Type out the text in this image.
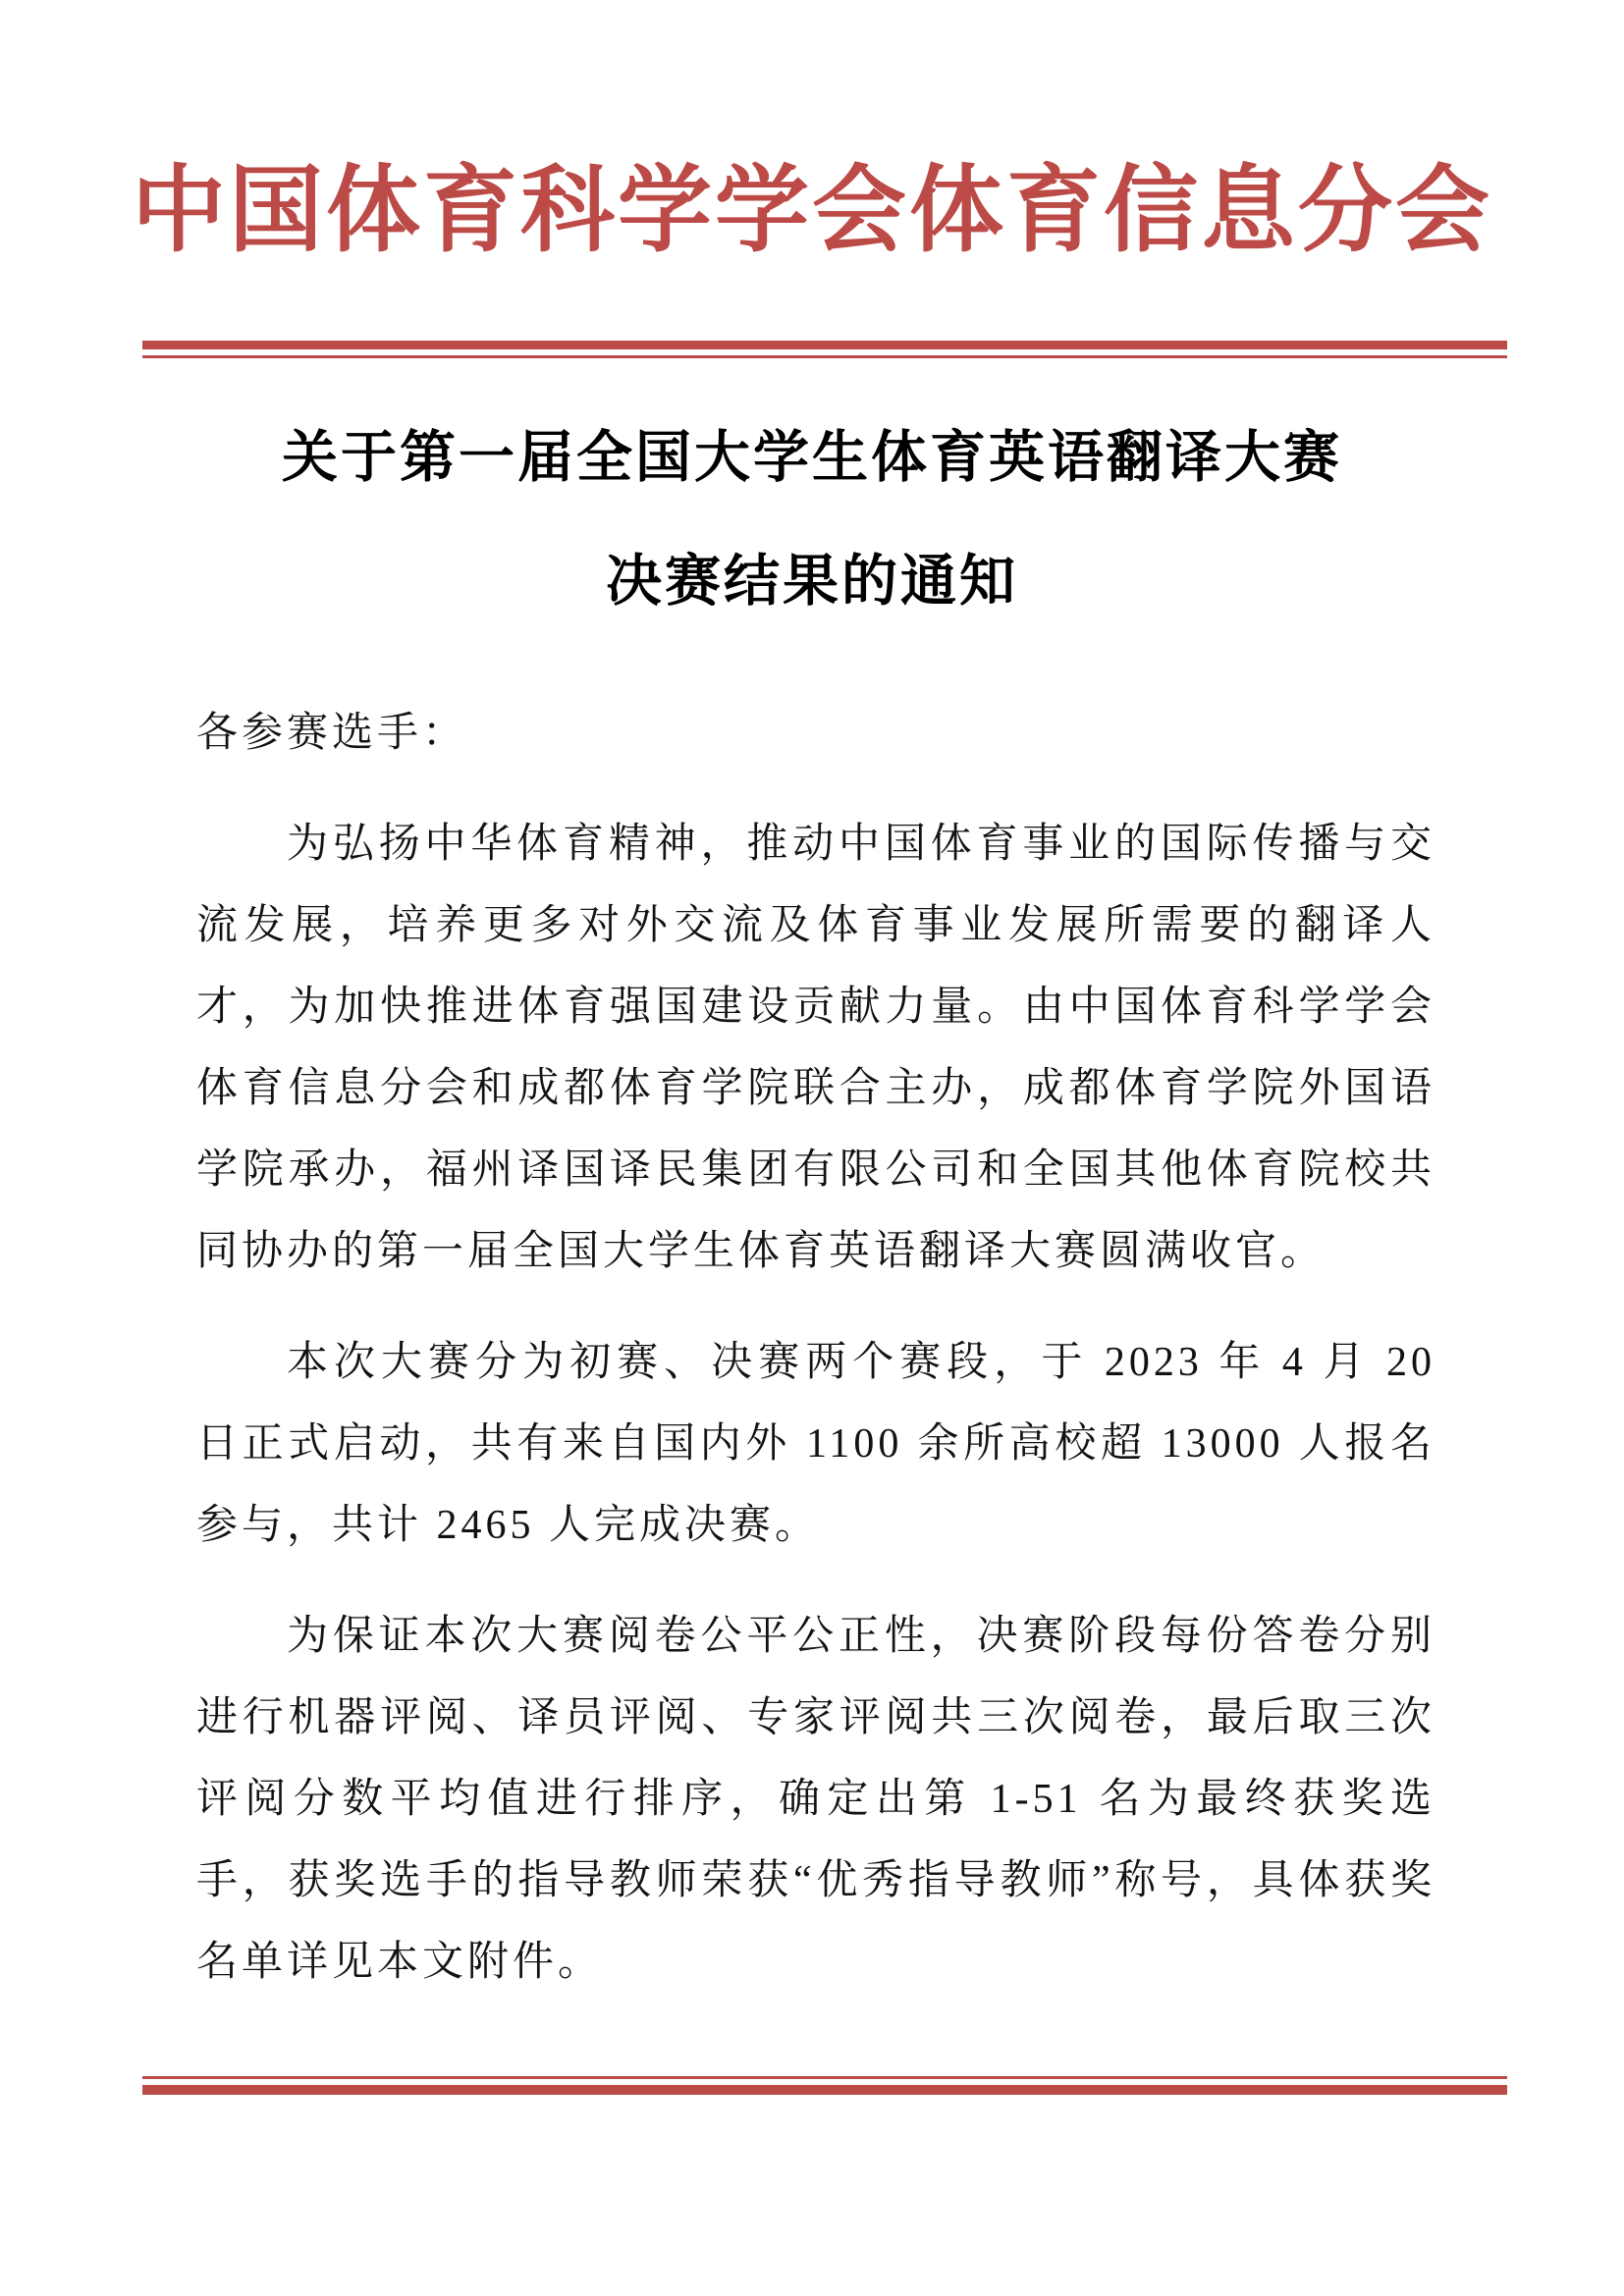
中国体育科学学会体育信息分会
关于第一届全国大学生体育英语翻译大赛
决赛结果的通知

各参赛选手：

为弘扬中华体育精神，推动中国体育事业的国际传播与交流发展，培养更多对外交流及体育事业发展所需要的翻译人才，为加快推进体育强国建设贡献力量。由中国体育科学学会体育信息分会和成都体育学院联合主办，成都体育学院外国语学院承办，福州译国译民集团有限公司和全国其他体育院校共同协办的第一届全国大学生体育英语翻译大赛圆满收官。

本次大赛分为初赛、决赛两个赛段，于 2023 年 4 月 20 日正式启动，共有来自国内外 1100 余所高校超 13000 人报名参与，共计 2465 人完成决赛。

为保证本次大赛阅卷公平公正性，决赛阶段每份答卷分别进行机器评阅、译员评阅、专家评阅共三次阅卷，最后取三次评阅分数平均值进行排序，确定出第 1-51 名为最终获奖选手，获奖选手的指导教师荣获“优秀指导教师”称号，具体获奖名单详见本文附件。
